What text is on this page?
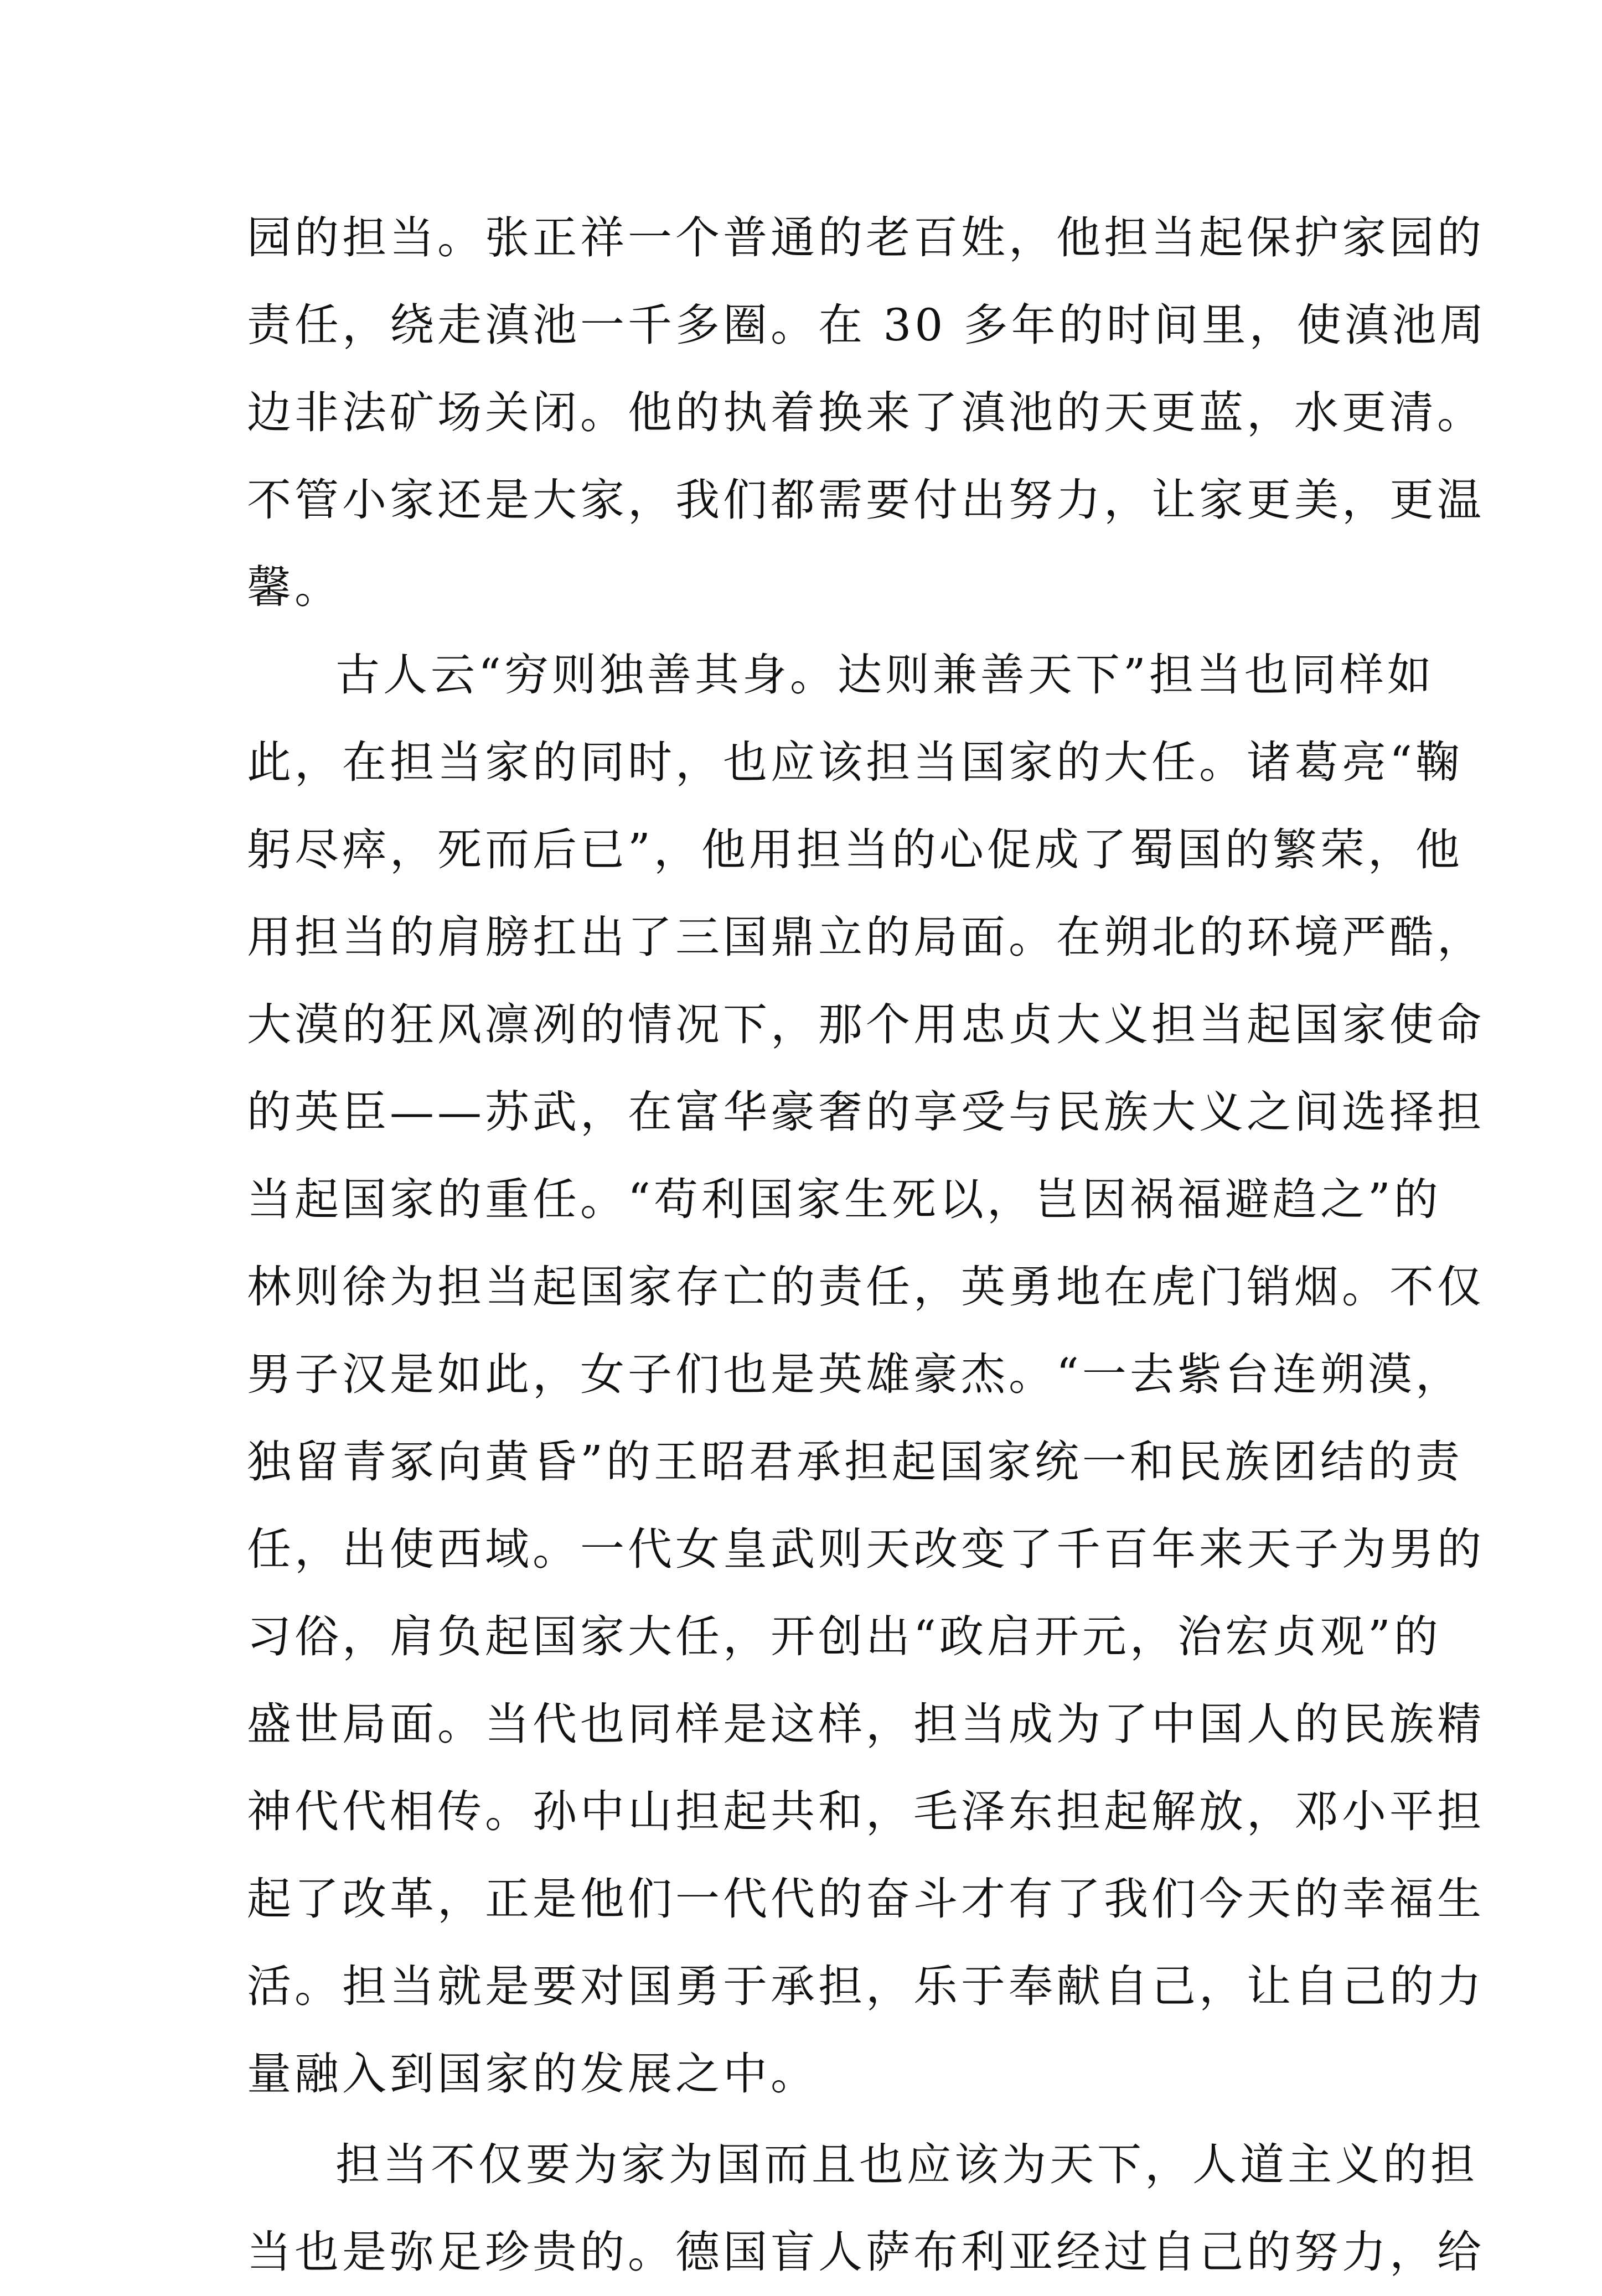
园的担当。张正祥一个普通的老百姓，他担当起保护家园的
责任，绕走滇池一千多圈。在 30 多年的时间里，使滇池周
边非法矿场关闭。他的执着换来了滇池的天更蓝，水更清。
不管小家还是大家，我们都需要付出努力，让家更美，更温
馨。
古人云“穷则独善其身。达则兼善天下”担当也同样如
此，在担当家的同时，也应该担当国家的大任。诸葛亮“鞠
躬尽瘁，死而后已”，他用担当的心促成了蜀国的繁荣，他
用担当的肩膀扛出了三国鼎立的局面。在朔北的环境严酷，
大漠的狂风凛冽的情况下，那个用忠贞大义担当起国家使命
的英臣——苏武，在富华豪奢的享受与民族大义之间选择担
当起国家的重任。“苟利国家生死以，岂因祸福避趋之”的
林则徐为担当起国家存亡的责任，英勇地在虎门销烟。不仅
男子汉是如此，女子们也是英雄豪杰。“一去紫台连朔漠，
独留青冢向黄昏”的王昭君承担起国家统一和民族团结的责
任，出使西域。一代女皇武则天改变了千百年来天子为男的
习俗，肩负起国家大任，开创出“政启开元，治宏贞观”的
盛世局面。当代也同样是这样，担当成为了中国人的民族精
神代代相传。孙中山担起共和，毛泽东担起解放，邓小平担
起了改革，正是他们一代代的奋斗才有了我们今天的幸福生
活。担当就是要对国勇于承担，乐于奉献自己，让自己的力
量融入到国家的发展之中。
担当不仅要为家为国而且也应该为天下，人道主义的担
当也是弥足珍贵的。德国盲人萨布利亚经过自己的努力，给
